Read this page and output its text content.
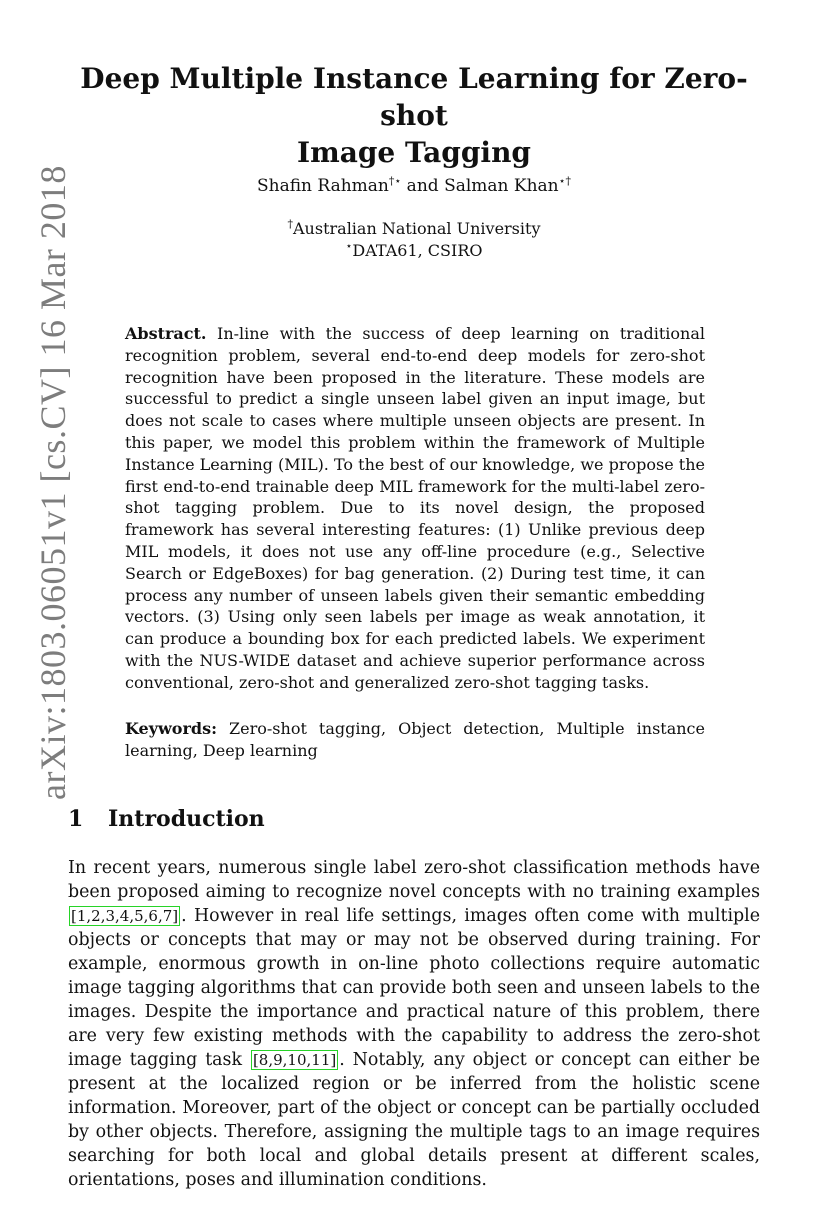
arXiv:1803.06051v1 [cs.CV] 16 Mar 2018
Deep Multiple Instance Learning for Zero-shot
Image Tagging
Shafin Rahman†⋆ and Salman Khan⋆†
†Australian National University
⋆DATA61, CSIRO
Abstract. In-line with the success of deep learning on traditional recognition problem, several end-to-end deep models for zero-shot recognition have been proposed in the literature. These models are successful to predict a single unseen label given an input image, but does not scale to cases where multiple unseen objects are present. In this paper, we model this problem within the framework of Multiple Instance Learning (MIL). To the best of our knowledge, we propose the first end-to-end trainable deep MIL framework for the multi-label zero-shot tagging problem. Due to its novel design, the proposed framework has several interesting features: (1) Unlike previous deep MIL models, it does not use any off-line procedure (e.g., Selective Search or EdgeBoxes) for bag generation. (2) During test time, it can process any number of unseen labels given their semantic embedding vectors. (3) Using only seen labels per image as weak annotation, it can produce a bounding box for each predicted labels. We experiment with the NUS-WIDE dataset and achieve superior performance across conventional, zero-shot and generalized zero-shot tagging tasks.
Keywords: Zero-shot tagging, Object detection, Multiple instance learning, Deep learning
1 Introduction
In recent years, numerous single label zero-shot classification methods have been proposed aiming to recognize novel concepts with no training examples [1,2,3,4,5,6,7] . However in real life settings, images often come with multiple objects or concepts that may or may not be observed during training. For example, enormous growth in on-line photo collections require automatic image tagging algorithms that can provide both seen and unseen labels to the images. Despite the importance and practical nature of this problem, there are very few existing methods with the capability to address the zero-shot image tagging task [8,9,10,11] . Notably, any object or concept can either be present at the localized region or be inferred from the holistic scene information. Moreover, part of the object or concept can be partially occluded by other objects. Therefore, assigning the multiple tags to an image requires searching for both local and global details present at different scales, orientations, poses and illumination conditions.
